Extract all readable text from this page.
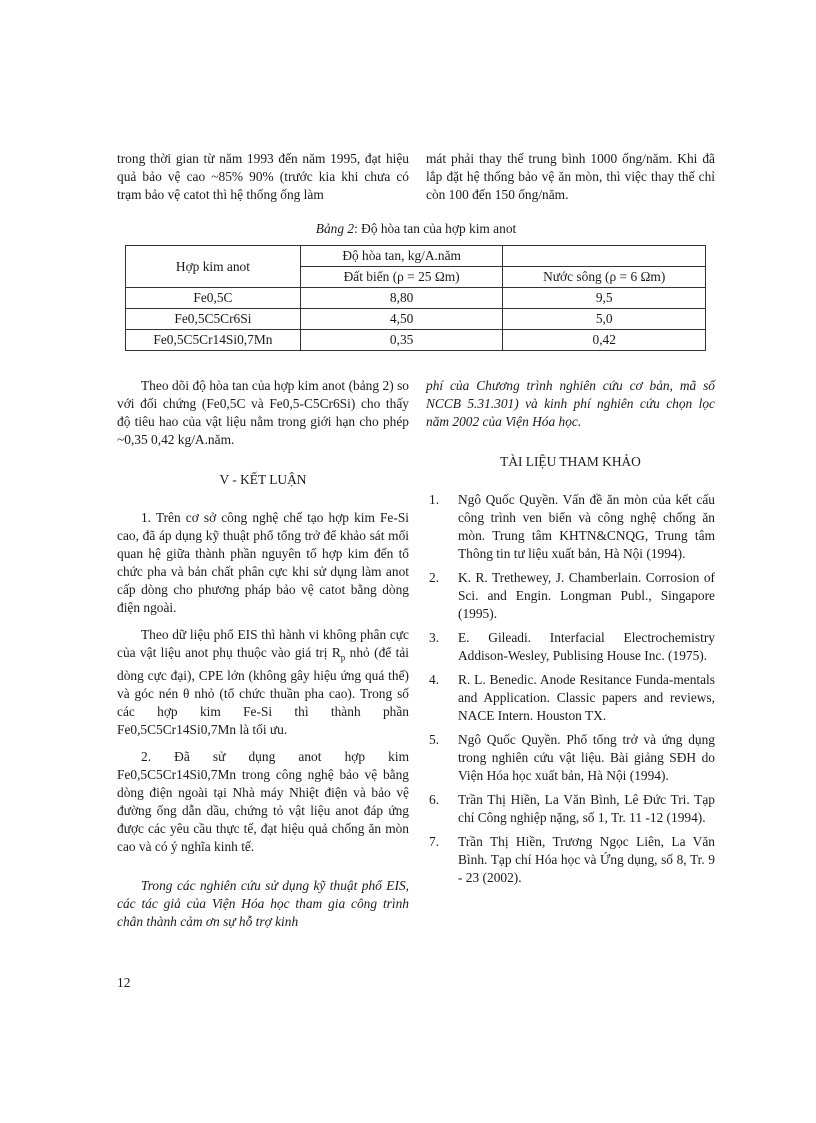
trong thời gian từ năm 1993 đến năm 1995, đạt hiệu quả bảo vệ cao ~85% 90% (trước kia khi chưa có trạm bảo vệ catot thì hệ thống ống làm

mát phải thay thế trung bình 1000 ống/năm. Khi đã lắp đặt hệ thống bảo vệ ăn mòn, thì việc thay thế chỉ còn 100 đến 150 ống/năm.

Bảng 2: Độ hòa tan của hợp kim anot
Hợp kim anot	Độ hòa tan, kg/A.năm	
	Đất biển (ρ = 25 Ωm)	Nước sông (ρ = 6 Ωm)
Fe0,5C	8,80	9,5
Fe0,5C5Cr6Si	4,50	5,0
Fe0,5C5Cr14Si0,7Mn	0,35	0,42

Theo dõi độ hòa tan của hợp kim anot (bảng 2) so với đối chứng (Fe0,5C và Fe0,5-C5Cr6Si) cho thấy độ tiêu hao của vật liệu nằm trong giới hạn cho phép ~0,35 0,42 kg/A.năm.

V - KẾT LUẬN

1. Trên cơ sở công nghệ chế tạo hợp kim Fe-Si cao, đã áp dụng kỹ thuật phổ tổng trở để khảo sát mối quan hệ giữa thành phần nguyên tố hợp kim đến tổ chức pha và bản chất phân cực khi sử dụng làm anot cấp dòng cho phương pháp bảo vệ catot bằng dòng điện ngoài.

Theo dữ liệu phổ EIS thì hành vi không phân cực của vật liệu anot phụ thuộc vào giá trị $R_p$ nhỏ (để tải dòng cực đại), CPE lớn (không gây hiệu ứng quá thế) và góc nén θ nhỏ (tổ chức thuần pha cao). Trong số các hợp kim Fe-Si thì thành phần Fe0,5C5Cr14Si0,7Mn là tối ưu.

2. Đã sử dụng anot hợp kim Fe0,5C5Cr14Si0,7Mn trong công nghệ bảo vệ bằng dòng điện ngoài tại Nhà máy Nhiệt điện và bảo vệ đường ống dẫn dầu, chứng tỏ vật liệu anot đáp ứng được các yêu cầu thực tế, đạt hiệu quả chống ăn mòn cao và có ý nghĩa kinh tế.

Trong các nghiên cứu sử dụng kỹ thuật phổ EIS, các tác giả của Viện Hóa học tham gia công trình chân thành cảm ơn sự hỗ trợ kinh

phí của Chương trình nghiên cứu cơ bản, mã số NCCB 5.31.301) và kinh phí nghiên cứu chọn lọc năm 2002 của Viện Hóa học.

TÀI LIỆU THAM KHẢO
1. Ngô Quốc Quyền. Vấn đề ăn mòn của kết cấu công trình ven biển và công nghệ chống ăn mòn. Trung tâm KHTN&CNQG, Trung tâm Thông tin tư liệu xuất bản, Hà Nội (1994).
2. K. R. Trethewey, J. Chamberlain. Corrosion of Sci. and Engin. Longman Publ., Singapore (1995).
3. E. Gileadi. Interfacial Electrochemistry Addison-Wesley, Publising House Inc. (1975).
4. R. L. Benedic. Anode Resitance Funda-mentals and Application. Classic papers and reviews, NACE Intern. Houston TX.
5. Ngô Quốc Quyền. Phổ tổng trở và ứng dụng trong nghiên cứu vật liệu. Bài giảng SĐH do Viện Hóa học xuất bản, Hà Nội (1994).
6. Trần Thị Hiền, La Văn Bình, Lê Đức Tri. Tạp chí Công nghiệp nặng, số 1, Tr. 11 -12 (1994).
7. Trần Thị Hiền, Trương Ngọc Liên, La Văn Bình. Tạp chí Hóa học và Ứng dụng, số 8, Tr. 9 - 23 (2002).
12
